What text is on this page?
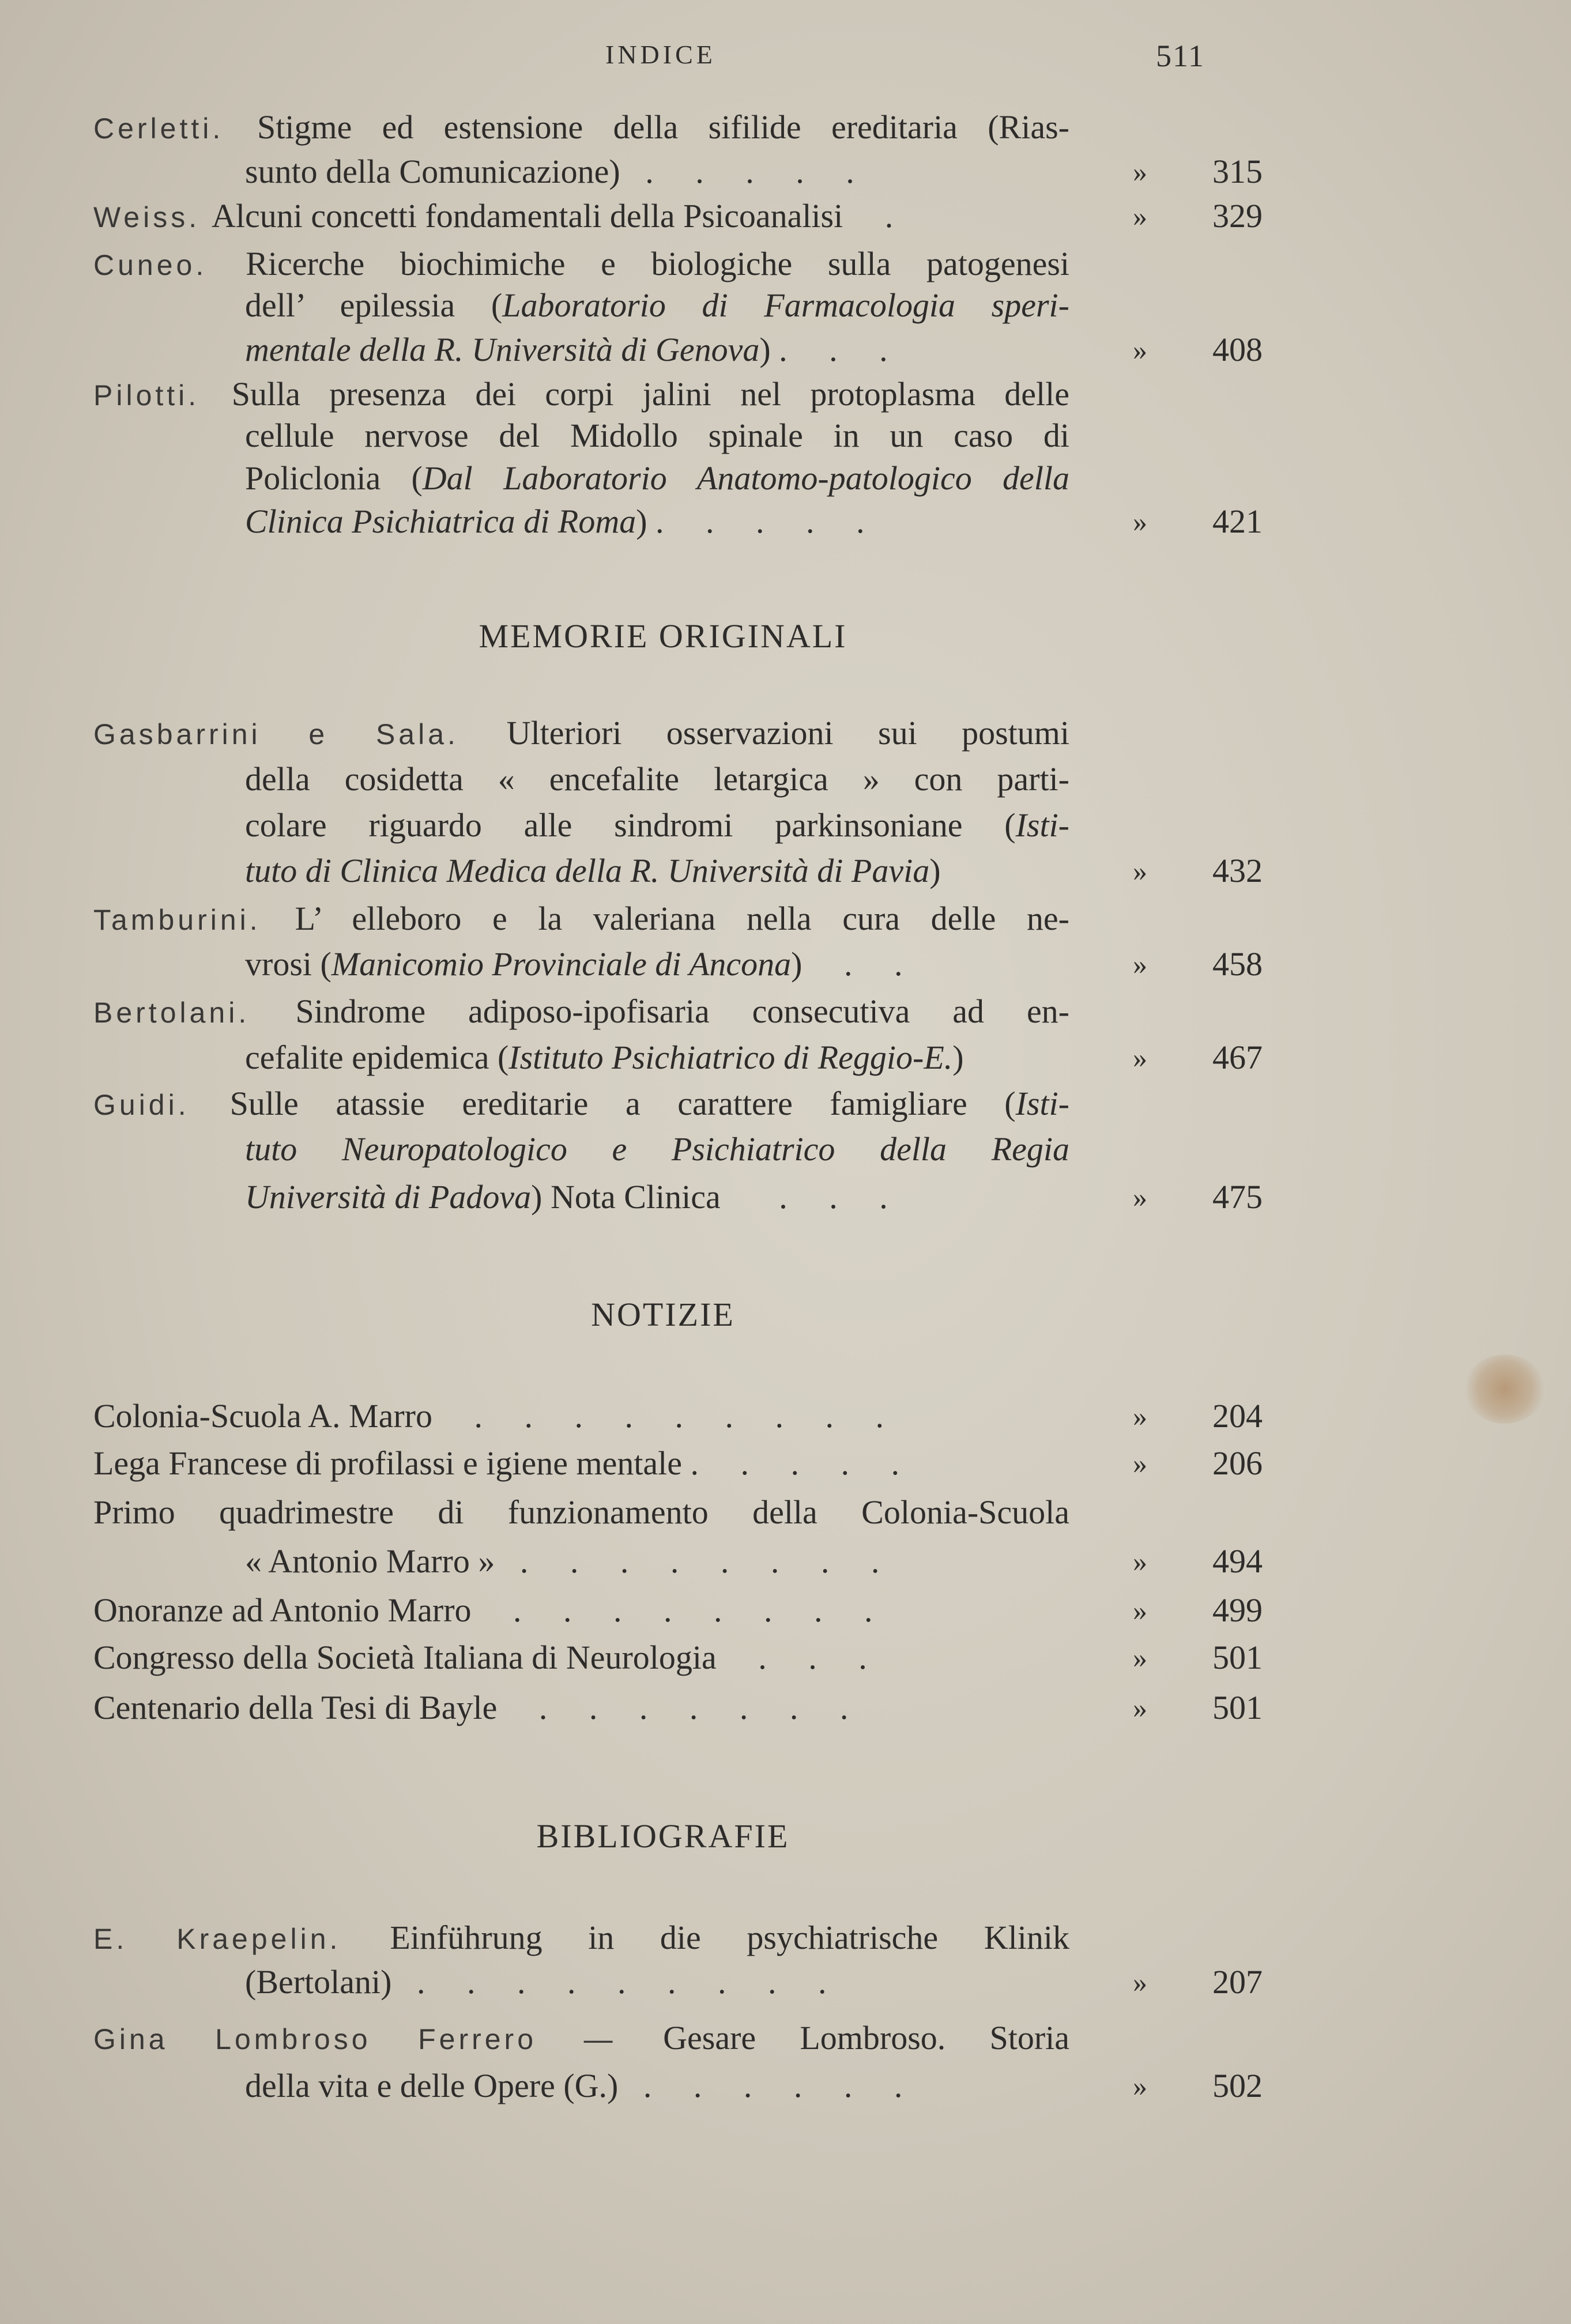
INDICE	511
Cerletti. Stigme ed estensione della sifilide ereditaria (Rias-
sunto della Comunicazione)   .     .     .     .     .	» 315
Weiss. Alcuni concetti fondamentali della Psicoanalisi     .	» 329
Cuneo. Ricerche biochimiche e biologiche sulla patogenesi
dell’ epilessia (Laboratorio di Farmacologia speri-
mentale della R. Università di Genova) .     .     .	» 408
Pilotti. Sulla presenza dei corpi jalini nel protoplasma delle
cellule nervose del Midollo spinale in un caso di
Policlonia (Dal Laboratorio Anatomo-patologico della
Clinica Psichiatrica di Roma) .     .     .     .     .	» 421
MEMORIE ORIGINALI
Gasbarrini e Sala. Ulteriori osservazioni sui postumi
della cosidetta « encefalite letargica » con parti-
colare riguardo alle sindromi parkinsoniane (Isti-
tuto di Clinica Medica della R. Università di Pavia)	» 432
Tamburini. L’ elleboro e la valeriana nella cura delle ne-
vrosi (Manicomio Provinciale di Ancona)     .     .	» 458
Bertolani. Sindrome adiposo-ipofisaria consecutiva ad en-
cefalite epidemica (Istituto Psichiatrico di Reggio-E.)	» 467
Guidi. Sulle atassie ereditarie a carattere famigliare (Isti-
tuto Neuropatologico e Psichiatrico della Regia
Università di Padova) Nota Clinica       .     .     .	» 475
NOTIZIE
Colonia-Scuola A. Marro     .     .     .     .     .     .     .     .     .	» 204
Lega Francese di profilassi e igiene mentale .     .     .     .     .	» 206
Primo quadrimestre di funzionamento della Colonia-Scuola
« Antonio Marro »   .     .     .     .     .     .     .     .	» 494
Onoranze ad Antonio Marro     .     .     .     .     .     .     .     .	» 499
Congresso della Società Italiana di Neurologia     .     .     .	» 501
Centenario della Tesi di Bayle     .     .     .     .     .     .     .	» 501
BIBLIOGRAFIE
E. Kraepelin. Einführung in die psychiatrische Klinik
(Bertolani)   .     .     .     .     .     .     .     .     .	» 207
Gina Lombroso Ferrero — Gesare Lombroso. Storia
della vita e delle Opere (G.)   .     .     .     .     .     .	» 502
